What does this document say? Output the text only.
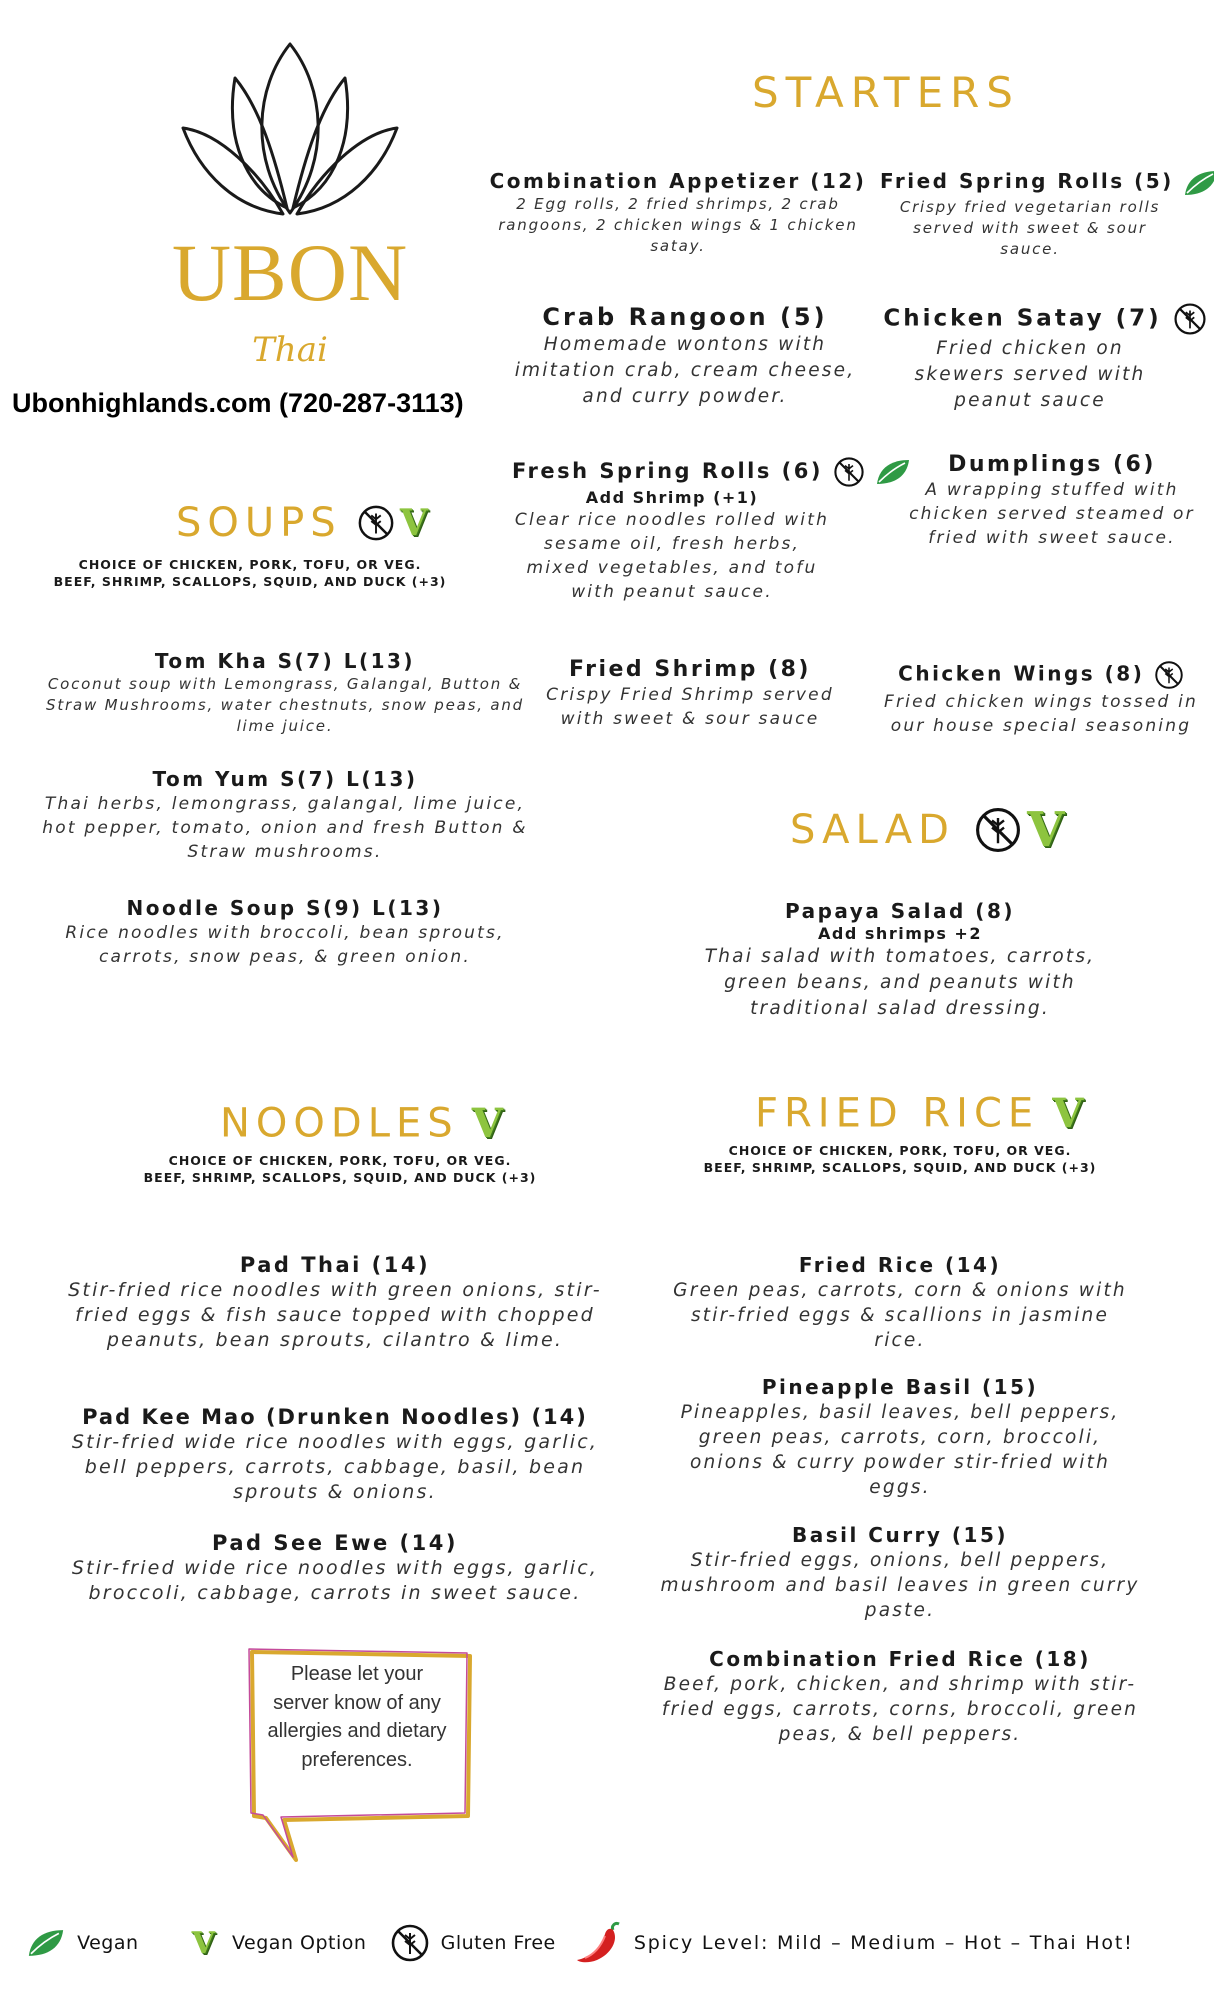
UBON
Thai
Ubonhighlands.com (720-287-3113)
STARTERS
Combination Appetizer (12)
2 Egg rolls, 2 fried shrimps, 2 crab rangoons, 2 chicken wings & 1 chicken satay.
Fried Spring Rolls (5)
Crispy fried vegetarian rolls served with sweet & sour sauce.
Crab Rangoon (5)
Homemade wontons with imitation crab, cream cheese, and curry powder.
Chicken Satay (7)
Fried chicken on skewers served with peanut sauce
Fresh Spring Rolls (6)
Add Shrimp (+1)
Clear rice noodles rolled with sesame oil, fresh herbs, mixed vegetables, and tofu with peanut sauce.
Dumplings (6)
A wrapping stuffed with chicken served steamed or fried with sweet sauce.
Fried Shrimp (8)
Crispy Fried Shrimp served with sweet & sour sauce
Chicken Wings (8)
Fried chicken wings tossed in our house special seasoning
SOUPS V
CHOICE OF CHICKEN, PORK, TOFU, OR VEG.
BEEF, SHRIMP, SCALLOPS, SQUID, AND DUCK (+3)
Tom Kha S(7) L(13)
Coconut soup with Lemongrass, Galangal, Button & Straw Mushrooms, water chestnuts, snow peas, and lime juice.
Tom Yum S(7) L(13)
Thai herbs, lemongrass, galangal, lime juice, hot pepper, tomato, onion and fresh Button & Straw mushrooms.
Noodle Soup S(9) L(13)
Rice noodles with broccoli, bean sprouts, carrots, snow peas, & green onion.
SALAD V
Papaya Salad (8)
Add shrimps +2
Thai salad with tomatoes, carrots, green beans, and peanuts with traditional salad dressing.
NOODLES V
CHOICE OF CHICKEN, PORK, TOFU, OR VEG.
BEEF, SHRIMP, SCALLOPS, SQUID, AND DUCK (+3)
Pad Thai (14)
Stir-fried rice noodles with green onions, stir-fried eggs & fish sauce topped with chopped peanuts, bean sprouts, cilantro & lime.
Pad Kee Mao (Drunken Noodles) (14)
Stir-fried wide rice noodles with eggs, garlic, bell peppers, carrots, cabbage, basil, bean sprouts & onions.
Pad See Ewe (14)
Stir-fried wide rice noodles with eggs, garlic, broccoli, cabbage, carrots in sweet sauce.
FRIED RICE V
CHOICE OF CHICKEN, PORK, TOFU, OR VEG.
BEEF, SHRIMP, SCALLOPS, SQUID, AND DUCK (+3)
Fried Rice (14)
Green peas, carrots, corn & onions with stir-fried eggs & scallions in jasmine rice.
Pineapple Basil (15)
Pineapples, basil leaves, bell peppers, green peas, carrots, corn, broccoli, onions & curry powder stir-fried with eggs.
Basil Curry (15)
Stir-fried eggs, onions, bell peppers, mushroom and basil leaves in green curry paste.
Combination Fried Rice (18)
Beef, pork, chicken, and shrimp with stir-fried eggs, carrots, corns, broccoli, green peas, & bell peppers.
Please let your server know of any allergies and dietary preferences.
Vegan V Vegan Option	Gluten Free	Spicy Level: Mild – Medium – Hot – Thai Hot!
